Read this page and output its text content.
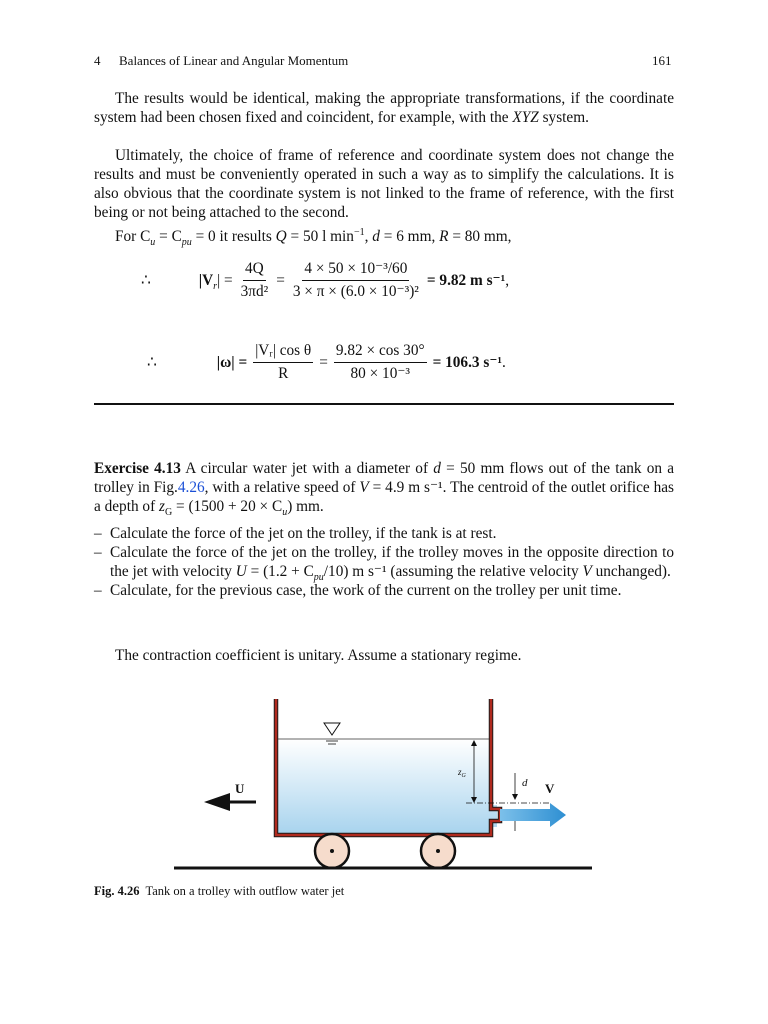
4 Balances of Linear and Angular Momentum	161

The results would be identical, making the appropriate transformations, if the coordinate system had been chosen fixed and coincident, for example, with the XYZ system.

Ultimately, the choice of frame of reference and coordinate system does not change the results and must be conveniently operated in such a way as to simplify the calculations. It is also obvious that the coordinate system is not linked to the frame of reference, with the first being or not being attached to the second.

For $C_u = C_{pu} = 0$ it results Q = 50 l $\min^{-1}$, d = 6 mm, R = 80 mm,

∴	$|V_r| = \frac{4Q}{\text{3πd²}} = \frac{\text{4 × 50 × 10⁻³/60}}{\text{3 × π × (6.0 × 10⁻³)²}} = 9.82$ m s⁻¹ ,
∴	$|\omega| = \frac{\text{|Vᵣ| cos θ}}{R} = \frac{9.82 \times \cos 30^\circ}{\text{80 × 10⁻³}} = 106.3$ s⁻¹ .

Exercise 4.13 A circular water jet with a diameter of d = 50 mm flows out of the tank on a trolley in Fig.4.26, with a relative speed of V = 4.9 m s⁻¹. The centroid of the outlet orifice has a depth of $z_G = (1500 + 20 \times C_u)$ mm.

– Calculate the force of the jet on the trolley, if the tank is at rest.
– Calculate the force of the jet on the trolley, if the trolley moves in the opposite direction to the jet with velocity $U = (1.2 + C_{pu}/10)$ m s⁻¹ (assuming the relative velocity V unchanged).
– Calculate, for the previous case, the work of the current on the trolley per unit time.

The contraction coefficient is unitary. Assume a stationary regime.

$z_G$
d V
U
Fig. 4.26 Tank on a trolley with outflow water jet
